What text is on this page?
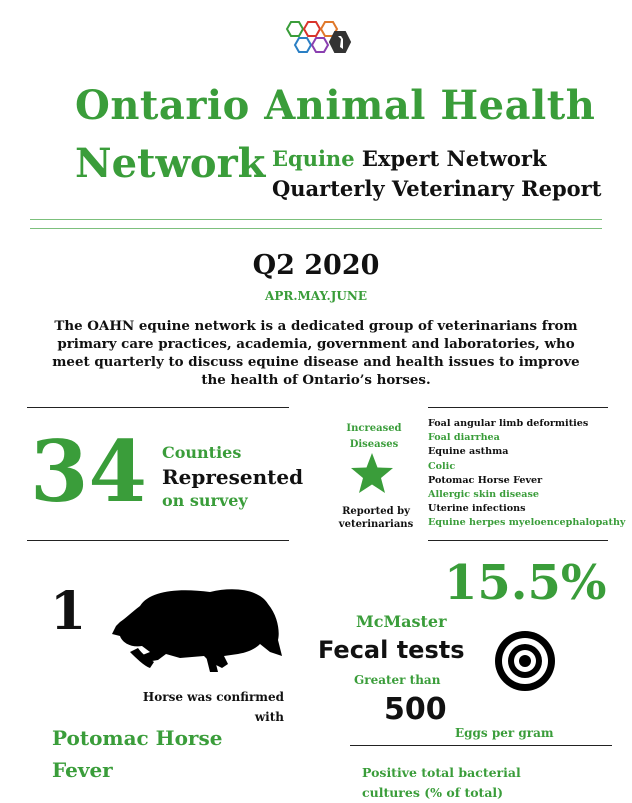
Ontario Animal Health
Network Equine Expert Network
Quarterly Veterinary Report
Q2 2020
APR.MAY.JUNE
The OAHN equine network is a dedicated group of veterinarians from primary care practices, academia, government and laboratories, who meet quarterly to discuss equine disease and health issues to improve the health of Ontario’s horses.
34 Counties
Represented
on survey
Increased
Diseases
Reported by
veterinarians
Foal angular limb deformities
Foal diarrhea
Equine asthma
Colic
Potomac Horse Fever
Allergic skin disease
Uterine infections
Equine herpes myeloencephalopathy
1
Horse was confirmed
with
Potomac Horse
Fever
15.5%
McMaster
Fecal tests
Greater than
500
Eggs per gram
Positive total bacterial
cultures (% of total)
